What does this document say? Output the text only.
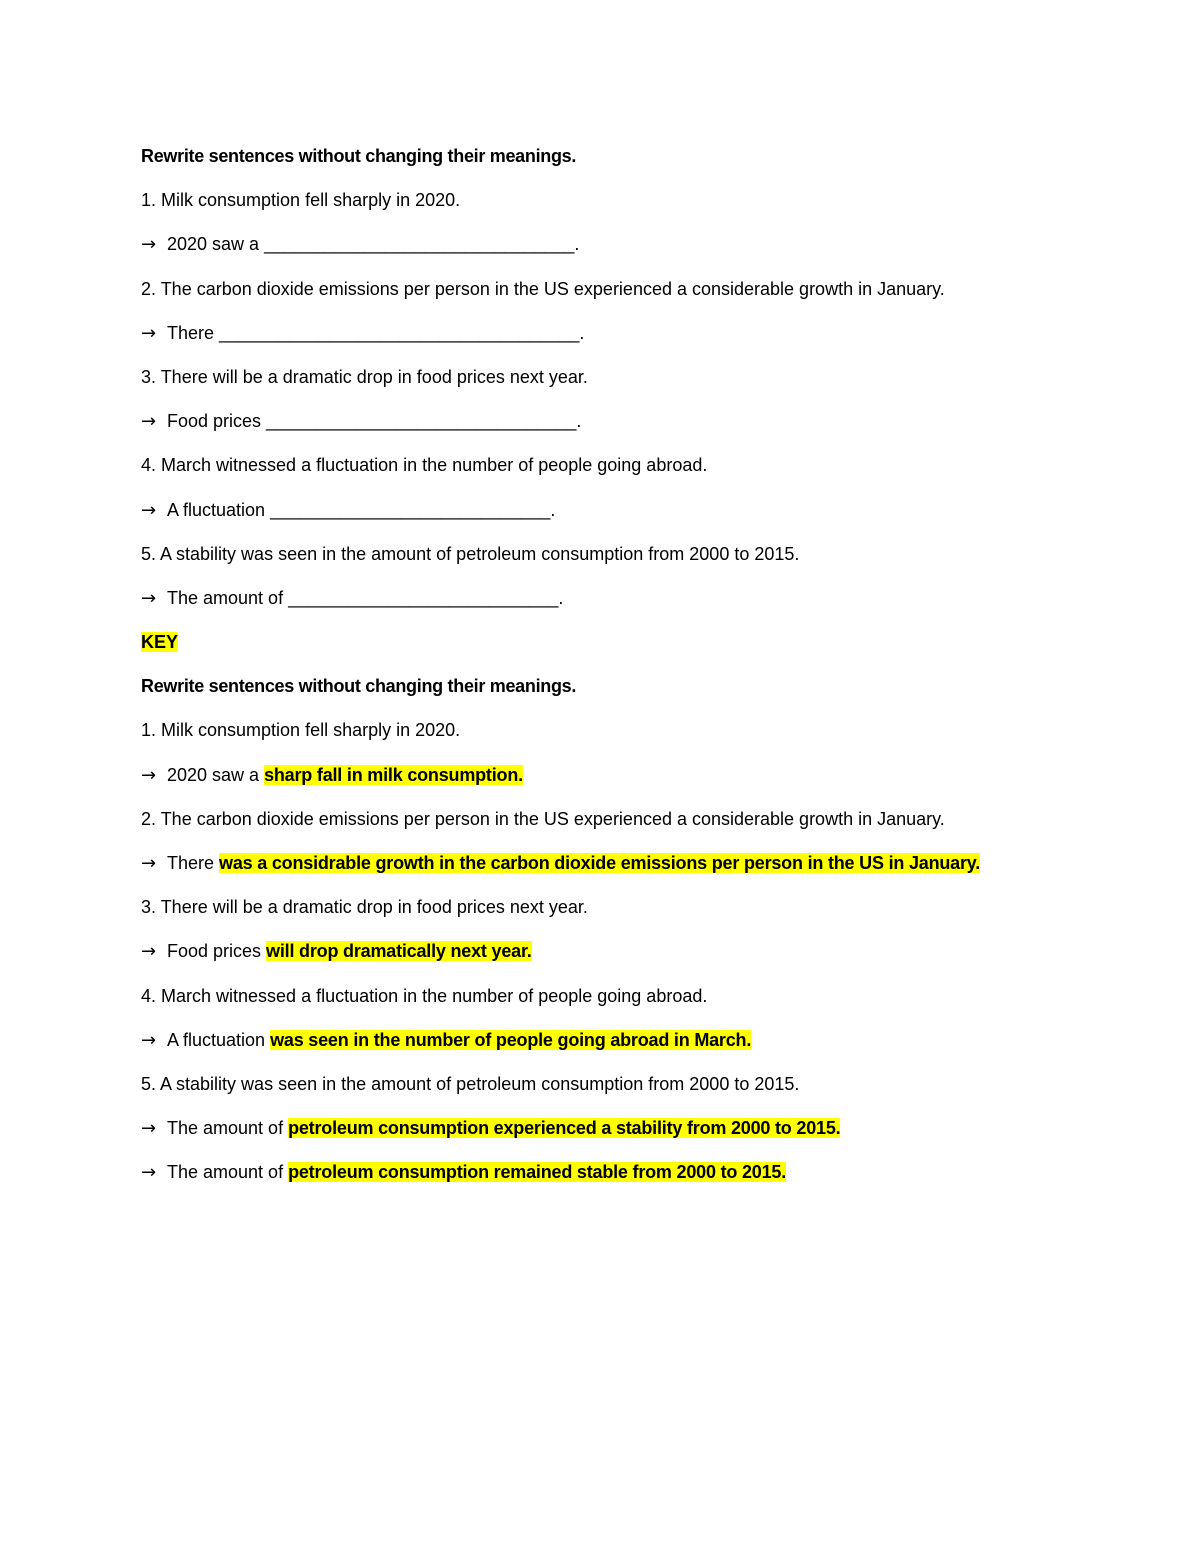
Rewrite sentences without changing their meanings.
1. Milk consumption fell sharply in 2020.
→ 2020 saw a _______________________________.
2. The carbon dioxide emissions per person in the US experienced a considerable growth in January.
→ There ____________________________________.
3. There will be a dramatic drop in food prices next year.
→ Food prices _______________________________.
4. March witnessed a fluctuation in the number of people going abroad.
→ A fluctuation ____________________________.
5. A stability was seen in the amount of petroleum consumption from 2000 to 2015.
→ The amount of ___________________________.
KEY
Rewrite sentences without changing their meanings.
1. Milk consumption fell sharply in 2020.
→ 2020 saw a sharp fall in milk consumption.
2. The carbon dioxide emissions per person in the US experienced a considerable growth in January.
→ There was a considrable growth in the carbon dioxide emissions per person in the US in January.
3. There will be a dramatic drop in food prices next year.
→ Food prices will drop dramatically next year.
4. March witnessed a fluctuation in the number of people going abroad.
→ A fluctuation was seen in the number of people going abroad in March.
5. A stability was seen in the amount of petroleum consumption from 2000 to 2015.
→ The amount of petroleum consumption experienced a stability from 2000 to 2015.
→ The amount of petroleum consumption remained stable from 2000 to 2015.
